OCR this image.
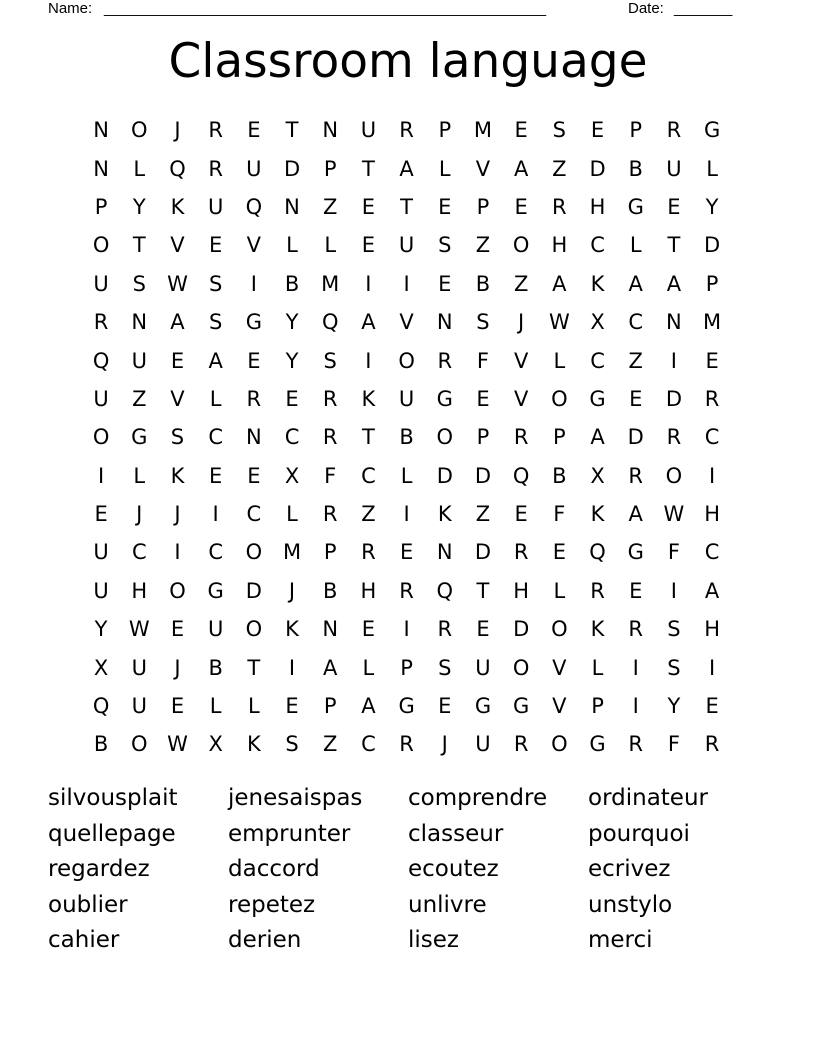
Name: _____________________________________________________	Date: _______
Classroom language
N	O	J	R	E	T	N	U	R	P	M	E	S	E	P	R	G
N	L	Q	R	U	D	P	T	A	L	V	A	Z	D	B	U	L
P	Y	K	U	Q	N	Z	E	T	E	P	E	R	H	G	E	Y
O	T	V	E	V	L	L	E	U	S	Z	O	H	C	L	T	D
U	S	W	S	I	B	M	I	I	E	B	Z	A	K	A	A	P
R	N	A	S	G	Y	Q	A	V	N	S	J	W X	C	N	M
Q	U	E	A	E	Y	S	I	O	R	F	V	L	C	Z	I	E
U	Z	V	L	R	E	R	K	U	G	E	V	O	G	E	D	R
O	G	S	C	N	C	R	T	B	O	P	R	P	A	D	R	C
I	L	K	E	E	X	F	C	L	D	D	Q	B	X	R	O	I
E	J	J	I	C	L	R	Z	I	K	Z	E	F	K	A W H
U	C	I	C	O M	P	R	E	N	D	R	E	Q	G	F	C
U	H	O	G	D	J	B	H	R	Q	T	H	L	R	E	I	A
Y	W	E	U	O	K	N	E	I	R	E	D	O	K	R	S	H
X	U	J	B	T	I	A	L	P	S	U	O	V	L	I	S	I
Q	U	E	L	L	E	P	A	G	E	G	G	V	P	I	Y	E
B	O W X	K	S	Z	C	R	J	U	R	O	G	R	F	R
silvousplait	jenesaispas	comprendre	ordinateur
quellepage	emprunter	classeur	pourquoi
regardez	daccord	ecoutez	ecrivez
oublier	repetez	unlivre	unstylo
cahier	derien	lisez	merci
